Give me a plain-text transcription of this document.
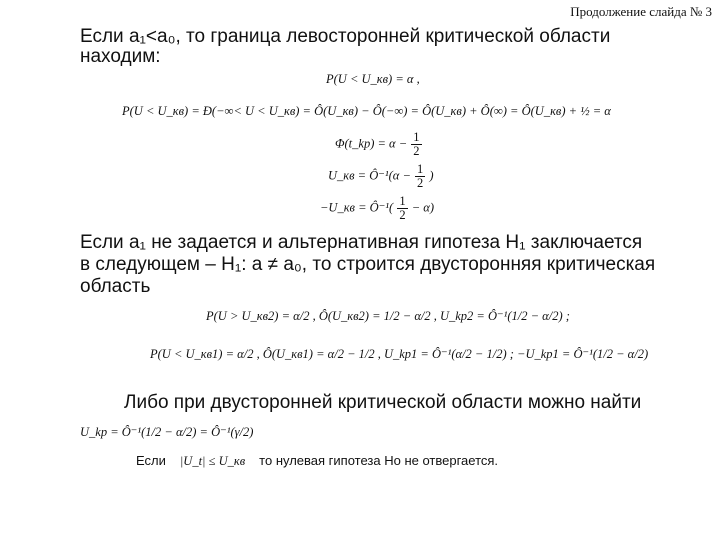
Продолжение слайда № 3
Если a₁<a₀, то граница левосторонней критической области
находим:
P(U < U_кв) = α ,
P(U < U_кв) = Ð(−∞< U < U_кв) = Ô(U_кв) − Ô(−∞) = Ô(U_кв) + Ô(∞) = Ô(U_кв) + ½ = α
Φ(t_kp) = $\alpha - \frac{1}{2}$
U_кв = Ô⁻¹(α − $\frac{1}{2}$ )
−U_кв = Ô⁻¹( $\frac{1}{2} - \alpha$)
Если a₁ не задается и альтернативная гипотеза H₁ заключается
в следующем – H₁: a ≠ a₀, то строится двусторонняя критическая
область
P(U > U_кв2) = α/2 , Ô(U_кв2) = 1/2 − α/2 , U_kp2 = Ô⁻¹(1/2 − α/2) ;
P(U < U_кв1) = α/2 , Ô(U_кв1) = α/2 − 1/2 , U_kp1 = Ô⁻¹(α/2 − 1/2) ; −U_kp1 = Ô⁻¹(1/2 − α/2)
Либо при двусторонней критической области можно найти
U_kp = Ô⁻¹(1/2 − α/2) = Ô⁻¹(γ/2)
Если |U_t| ≤ U_кв то нулевая гипотеза Но не отвергается.
